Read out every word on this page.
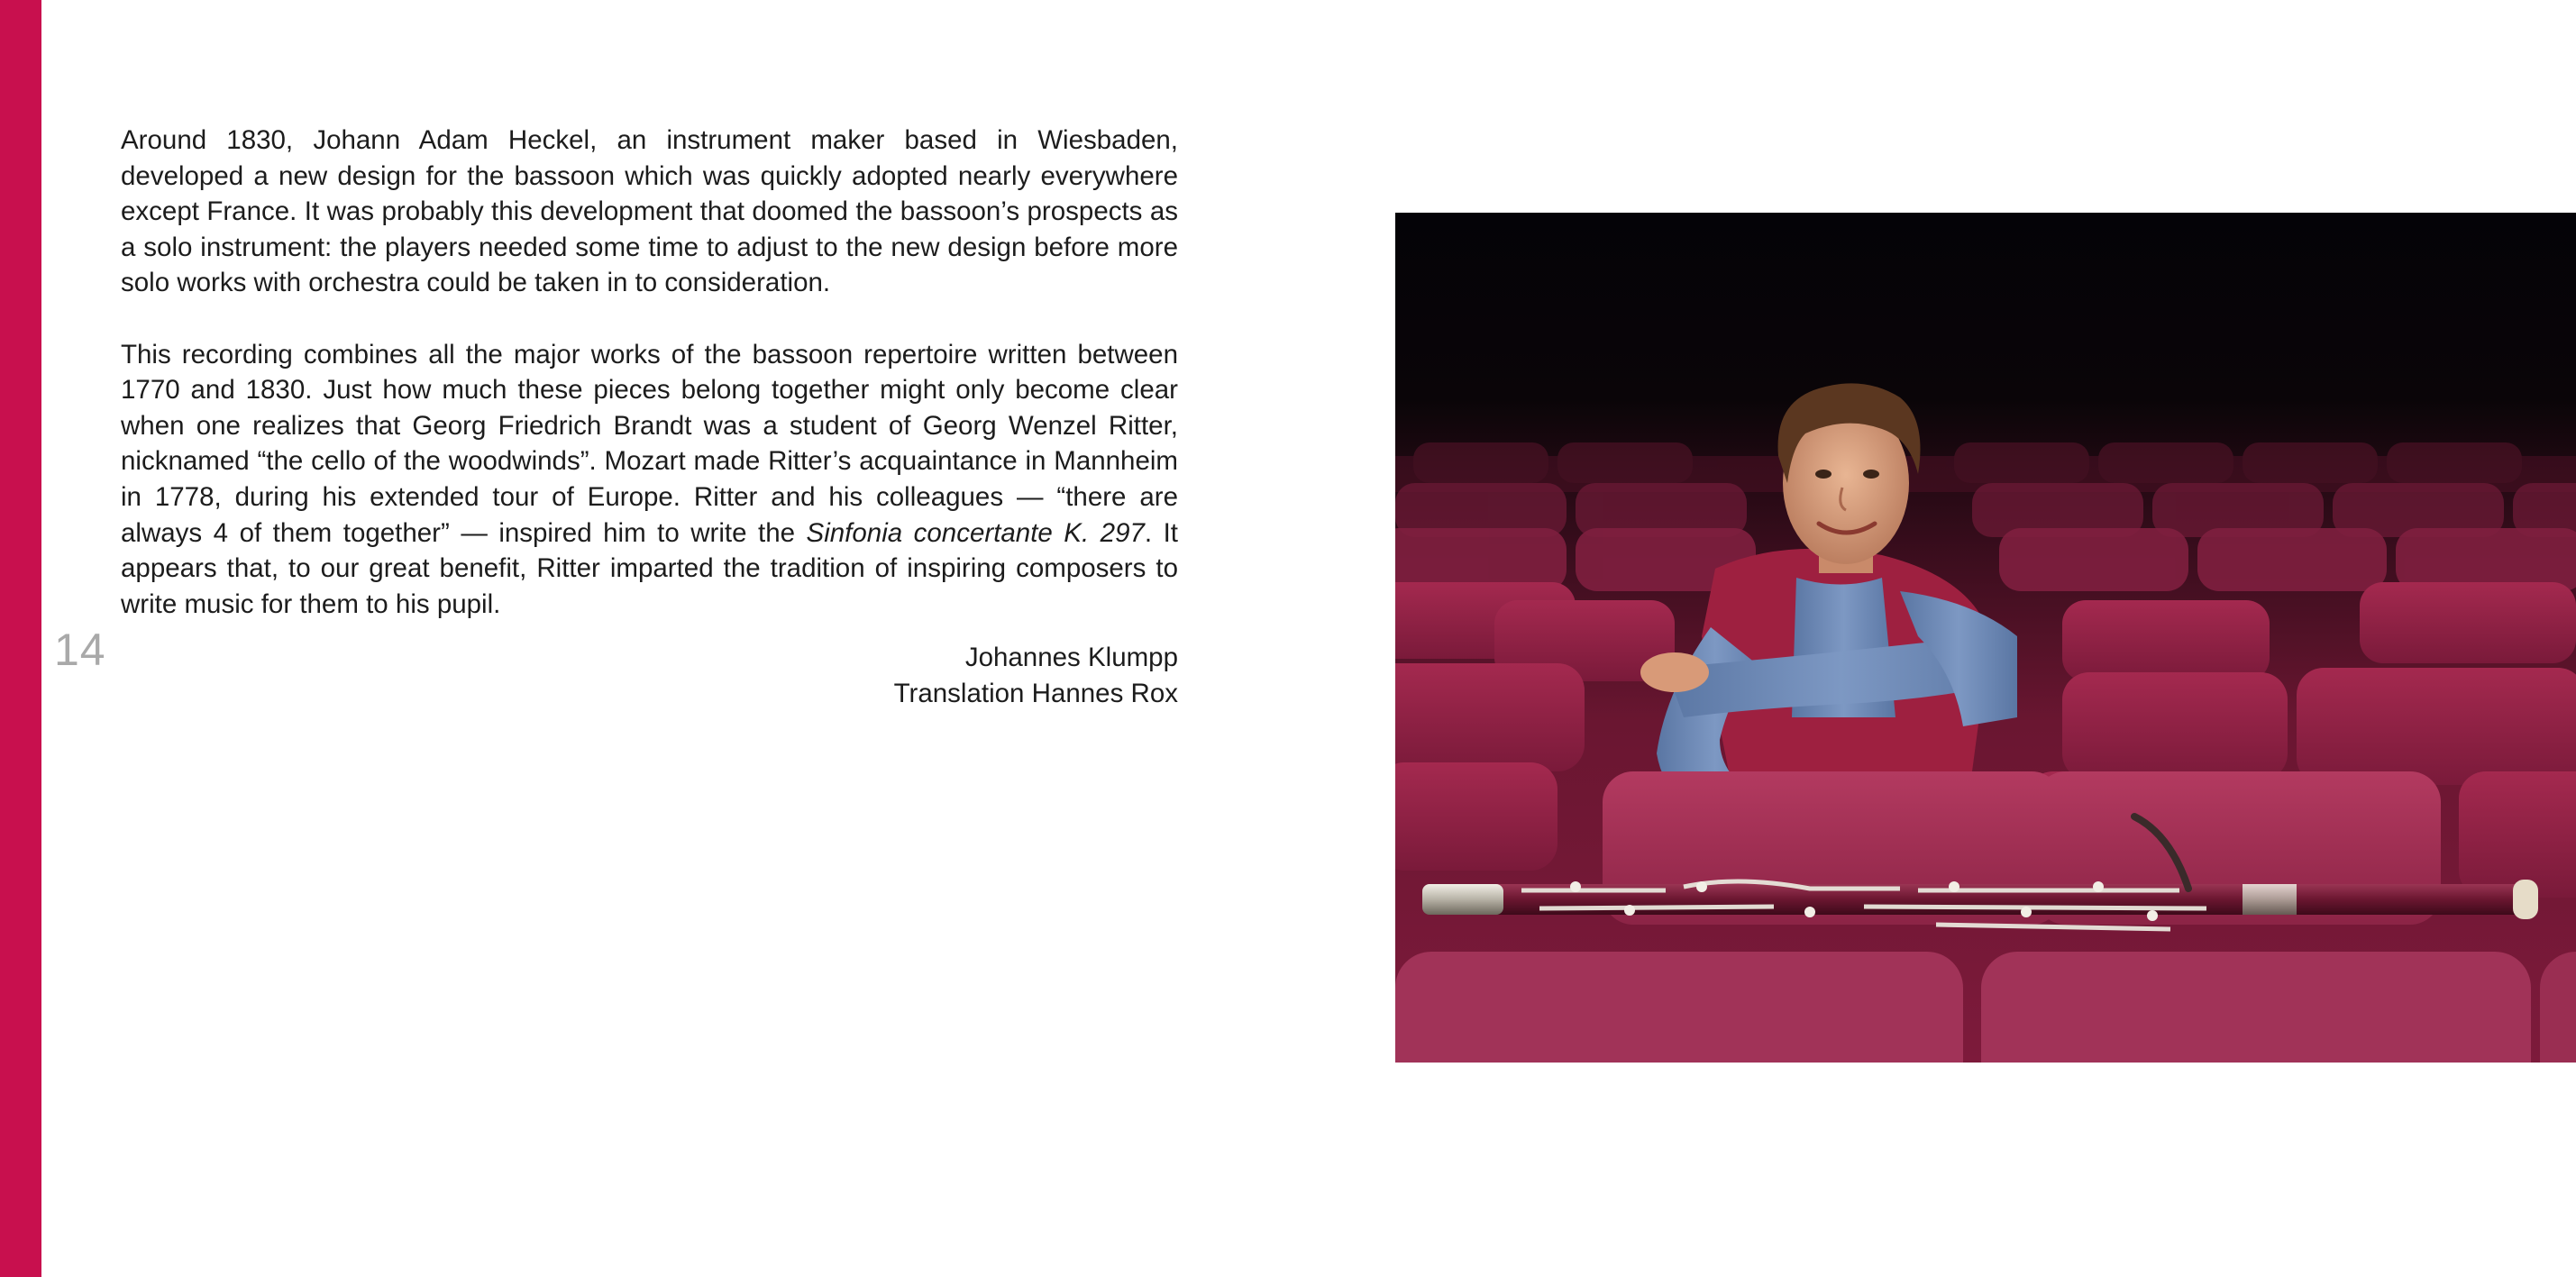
14

Around 1830, Johann Adam Heckel, an instrument maker based in Wiesbaden, developed a new design for the bassoon which was quickly adopted nearly everywhere except France. It was probably this development that doomed the bassoon’s prospects as a solo instrument: the players needed some time to adjust to the new design before more solo works with orchestra could be taken in to consideration.

This recording combines all the major works of the bassoon repertoire written between 1770 and 1830. Just how much these pieces belong together might only become clear when one realizes that Georg Friedrich Brandt was a student of Georg Wenzel Ritter, nicknamed “the cello of the woodwinds”. Mozart made Ritter’s acquaintance in Mannheim in 1778, during his extended tour of Europe. Ritter and his colleagues — “there are always 4 of them together” — inspired him to write the Sinfonia concertante K. 297. It appears that, to our great benefit, Ritter imparted the tradition of inspiring composers to write music for them to his pupil.

Johannes Klumpp
Translation Hannes Rox
